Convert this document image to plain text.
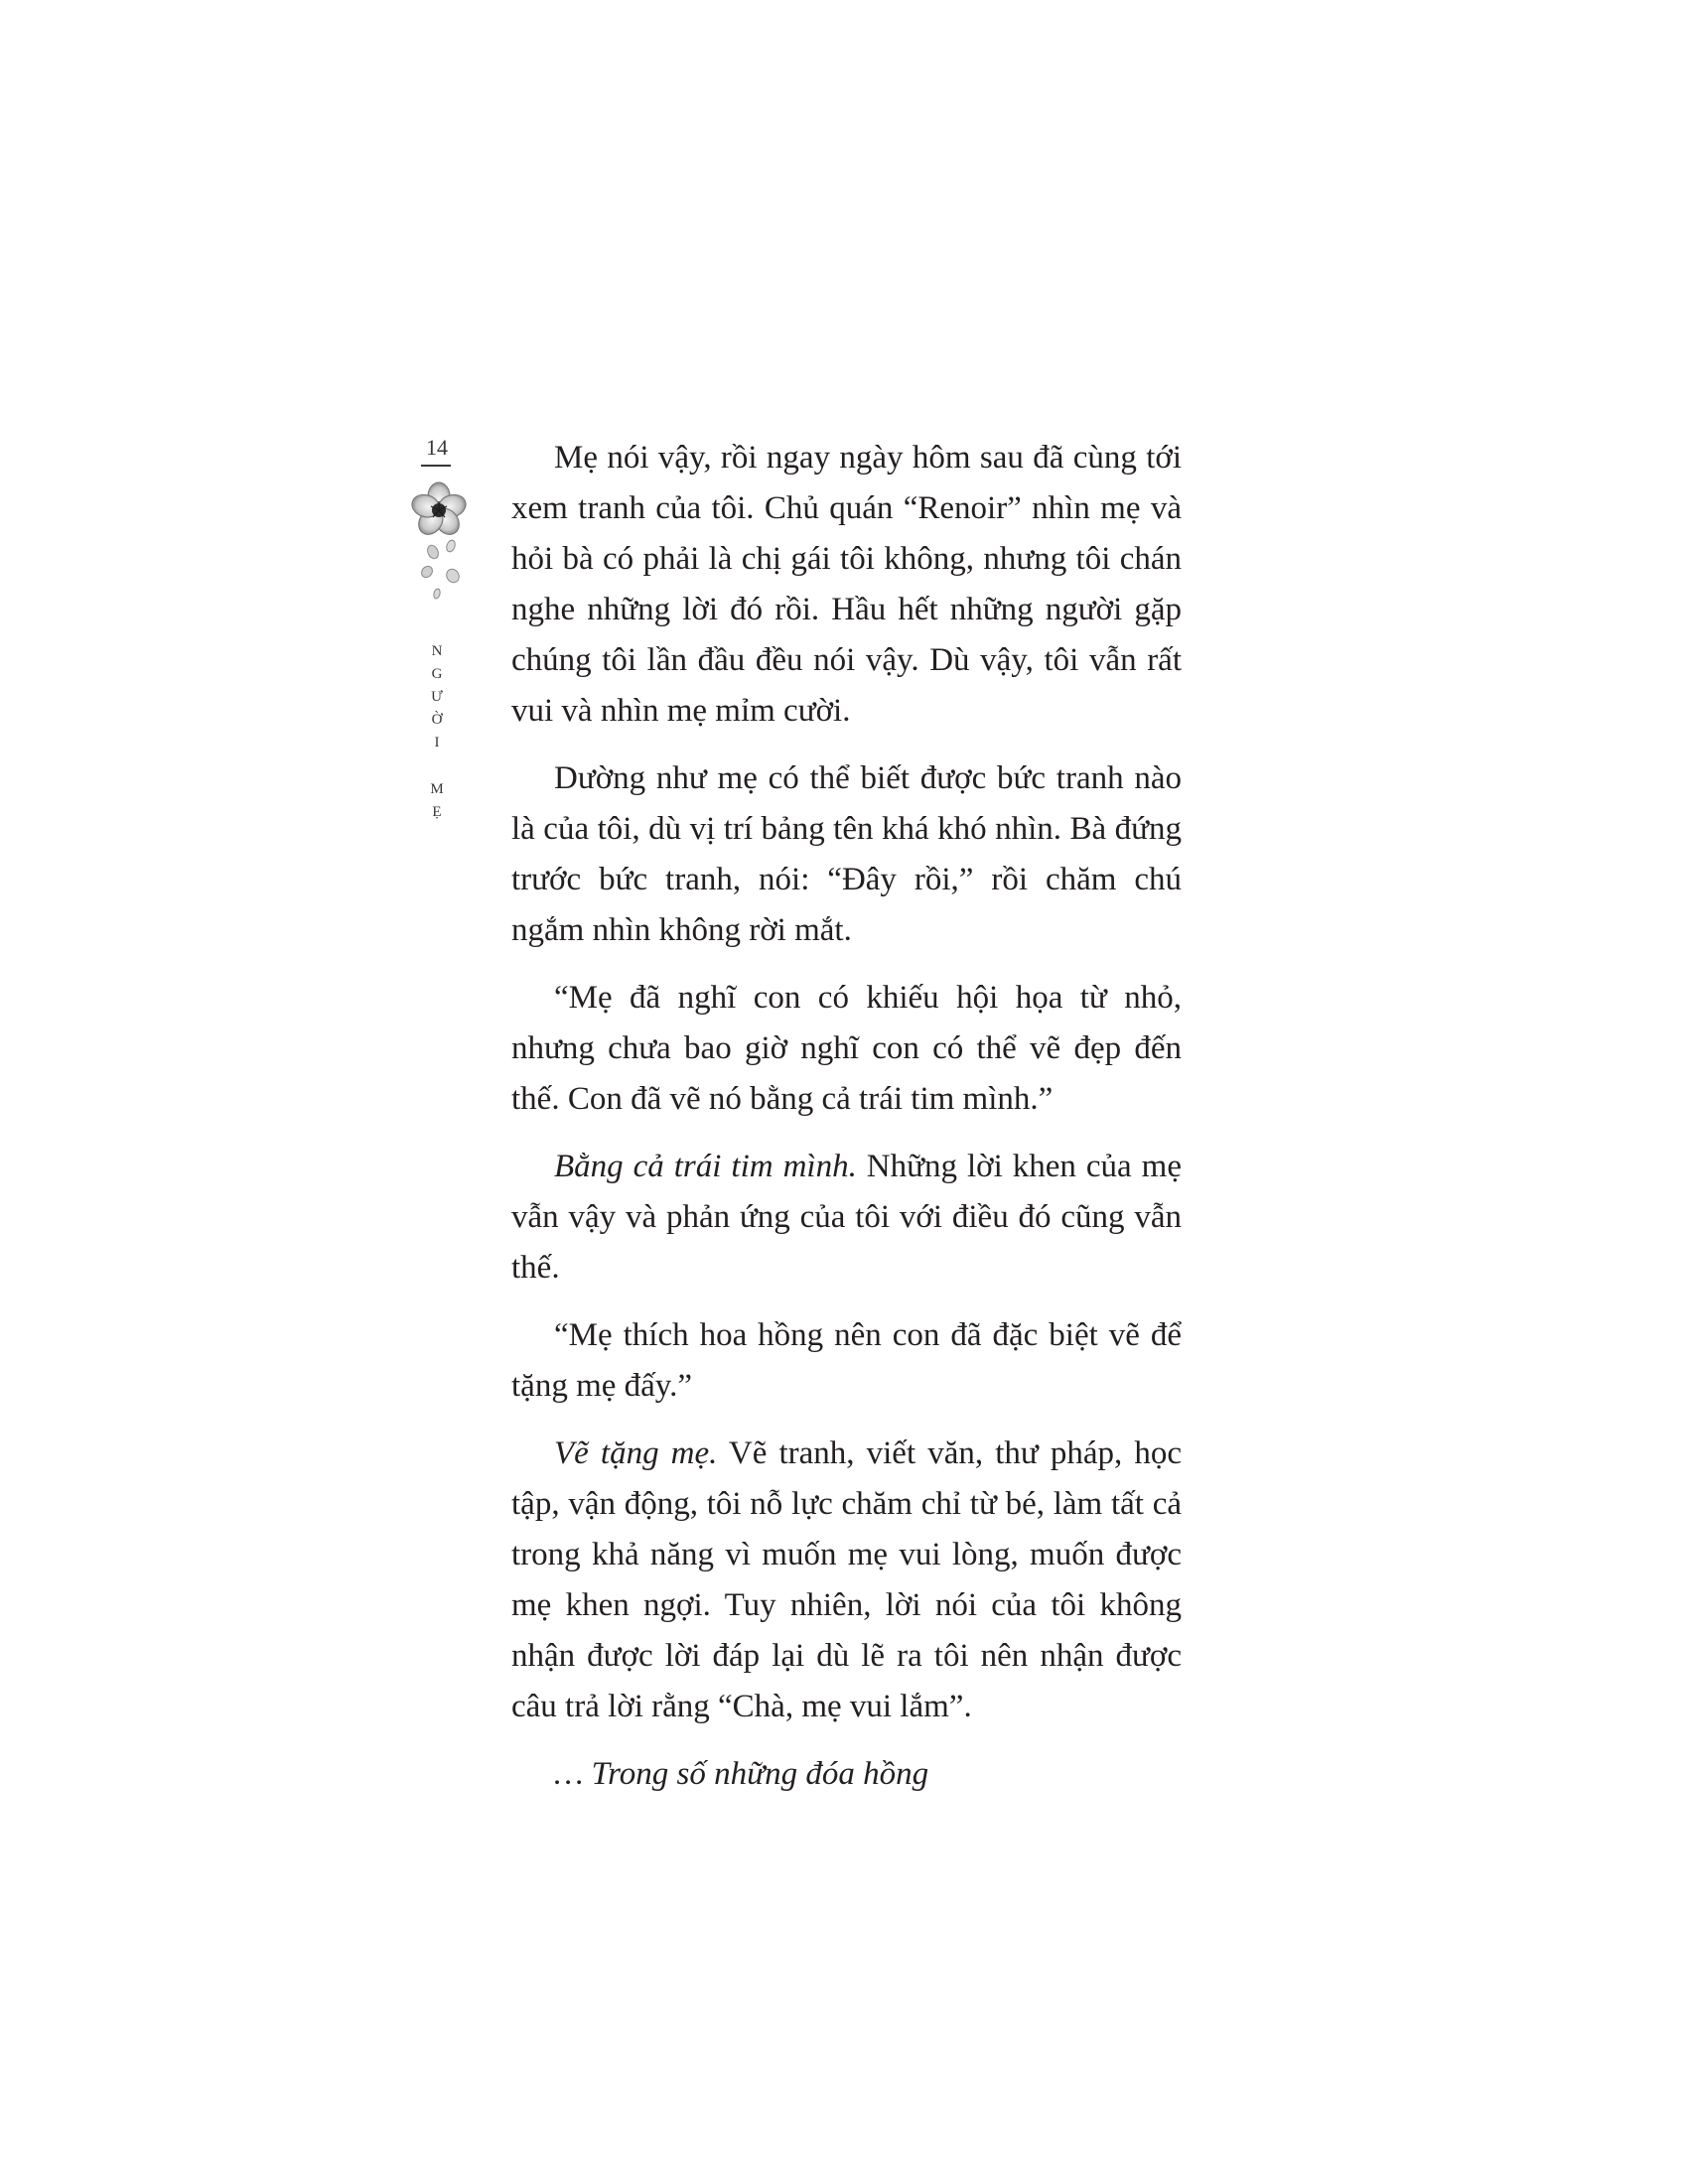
14
N
G
Ư
Ờ
I
M
Ẹ

Mẹ nói vậy, rồi ngay ngày hôm sau đã cùng tới xem tranh của tôi. Chủ quán “Renoir” nhìn mẹ và hỏi bà có phải là chị gái tôi không, nhưng tôi chán nghe những lời đó rồi. Hầu hết những người gặp chúng tôi lần đầu đều nói vậy. Dù vậy, tôi vẫn rất vui và nhìn mẹ mỉm cười.

Dường như mẹ có thể biết được bức tranh nào là của tôi, dù vị trí bảng tên khá khó nhìn. Bà đứng trước bức tranh, nói: “Đây rồi,” rồi chăm chú ngắm nhìn không rời mắt.

“Mẹ đã nghĩ con có khiếu hội họa từ nhỏ, nhưng chưa bao giờ nghĩ con có thể vẽ đẹp đến thế. Con đã vẽ nó bằng cả trái tim mình.”

Bằng cả trái tim mình. Những lời khen của mẹ vẫn vậy và phản ứng của tôi với điều đó cũng vẫn thế.

“Mẹ thích hoa hồng nên con đã đặc biệt vẽ để tặng mẹ đấy.”

Vẽ tặng mẹ. Vẽ tranh, viết văn, thư pháp, học tập, vận động, tôi nỗ lực chăm chỉ từ bé, làm tất cả trong khả năng vì muốn mẹ vui lòng, muốn được mẹ khen ngợi. Tuy nhiên, lời nói của tôi không nhận được lời đáp lại dù lẽ ra tôi nên nhận được câu trả lời rằng “Chà, mẹ vui lắm”.

… Trong số những đóa hồng
